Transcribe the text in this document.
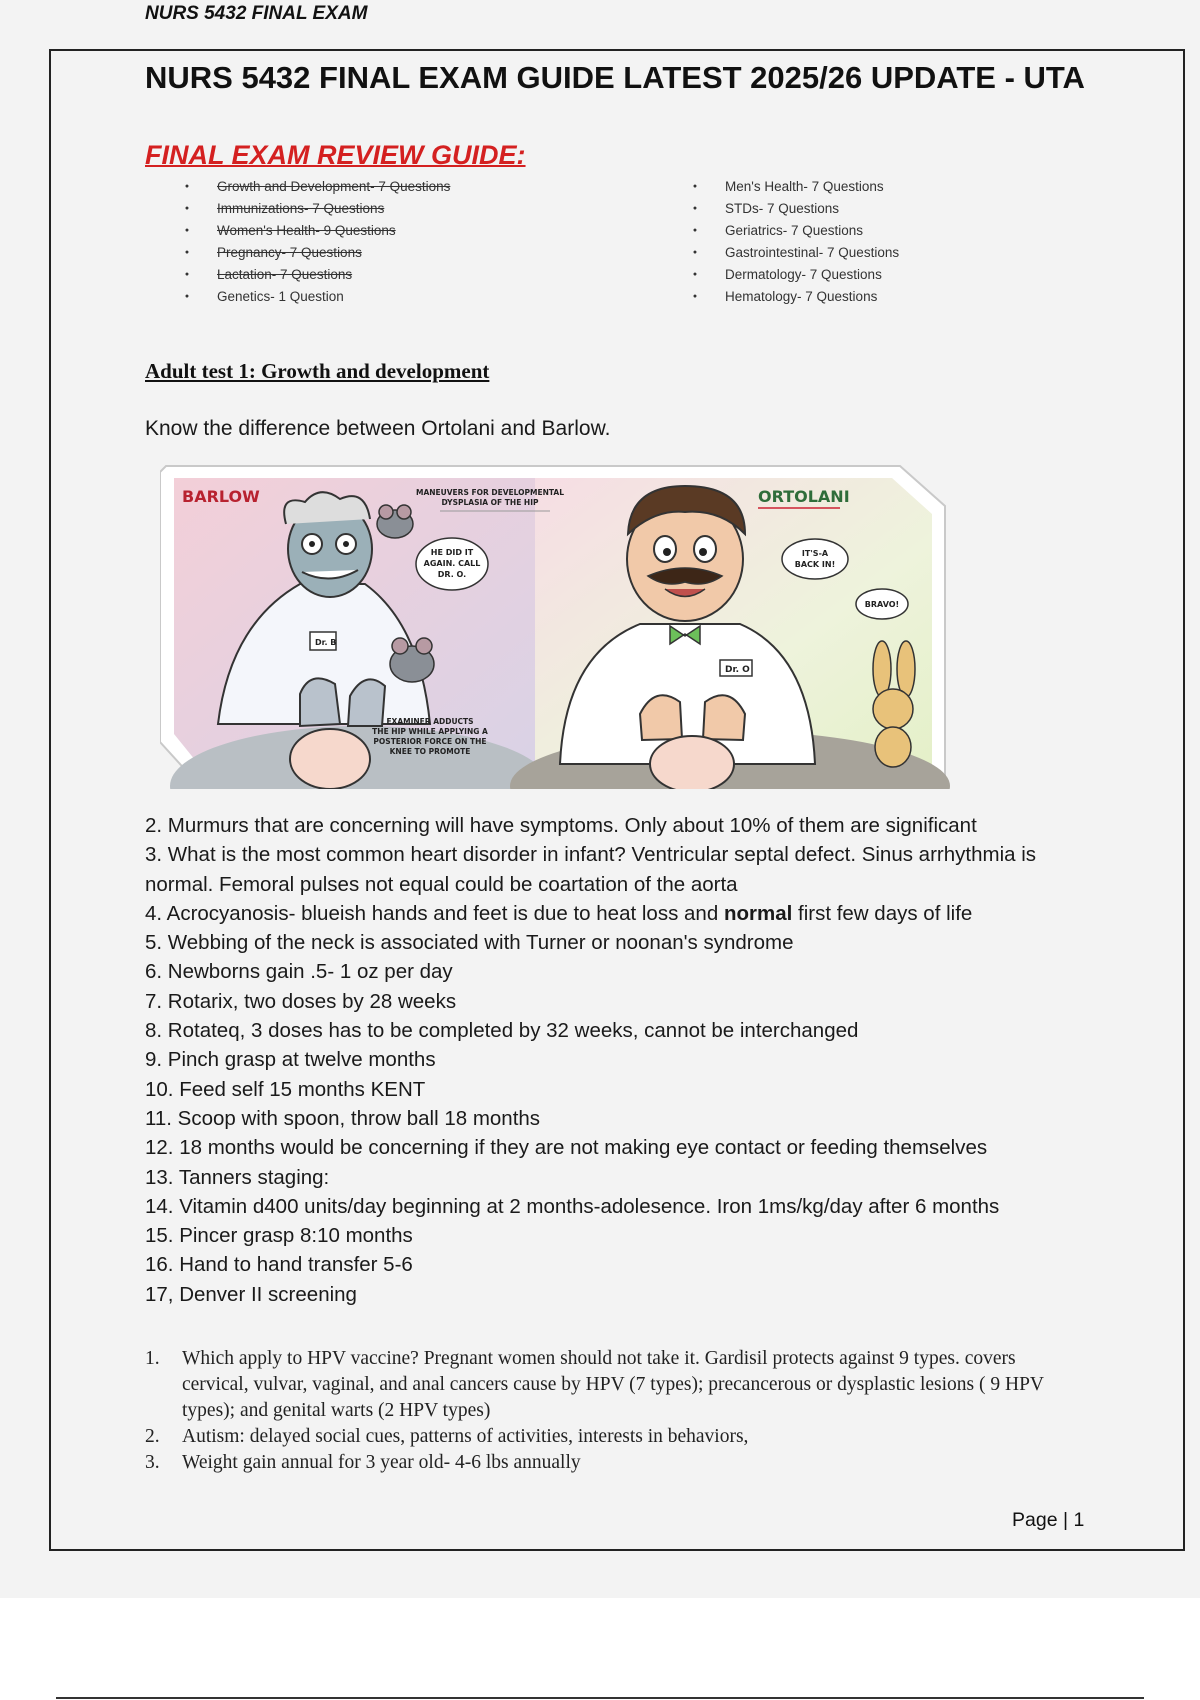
NURS 5432 FINAL EXAM
NURS 5432 FINAL EXAM GUIDE LATEST 2025/26 UPDATE - UTA
FINAL EXAM REVIEW GUIDE:
●	Growth and Development- 7 Questions
●	Immunizations- 7 Questions
●	Women's Health- 9 Questions
●	Pregnancy- 7 Questions
●	Lactation- 7 Questions
●	Genetics- 1 Question
●	Men's Health- 7 Questions
●	STDs- 7 Questions
●	Geriatrics- 7 Questions
●	Gastrointestinal- 7 Questions
●	Dermatology- 7 Questions
●	Hematology- 7 Questions
Adult test 1: Growth and development
Know the difference between Ortolani and Barlow.
Dr. B
HE DID IT
AGAIN. CALL
DR. O.
MANEUVERS FOR DEVELOPMENTAL
DYSPLASIA OF THE HIP
BARLOW	ORTOLANI
EXAMINER ADDUCTS
THE HIP WHILE APPLYING A
POSTERIOR FORCE ON THE
KNEE TO PROMOTE
Dr. O
IT'S-A
BACK IN!
BRAVO!
2. Murmurs that are concerning will have symptoms. Only about 10% of them are significant
3. What is the most common heart disorder in infant? Ventricular septal defect. Sinus arrhythmia is normal. Femoral pulses not equal could be coartation of the aorta
4. Acrocyanosis- blueish hands and feet is due to heat loss and normal first few days of life
5. Webbing of the neck is associated with Turner or noonan's syndrome
6. Newborns gain .5- 1 oz per day
7. Rotarix, two doses by 28 weeks
8. Rotateq, 3 doses has to be completed by 32 weeks, cannot be interchanged
9. Pinch grasp at twelve months
10. Feed self 15 months KENT
11. Scoop with spoon, throw ball 18 months
12. 18 months would be concerning if they are not making eye contact or feeding themselves
13. Tanners staging:
14. Vitamin d400 units/day beginning at 2 months-adolesence. Iron 1ms/kg/day after 6 months
15. Pincer grasp 8:10 months
16. Hand to hand transfer 5-6
17, Denver II screening
1. Which apply to HPV vaccine? Pregnant women should not take it. Gardisil protects against 9 types. covers cervical, vulvar, vaginal, and anal cancers cause by HPV (7 types); precancerous or dysplastic lesions ( 9 HPV types); and genital warts (2 HPV types)
2. Autism: delayed social cues, patterns of activities, interests in behaviors,
3. Weight gain annual for 3 year old- 4-6 lbs annually
Page | 1
